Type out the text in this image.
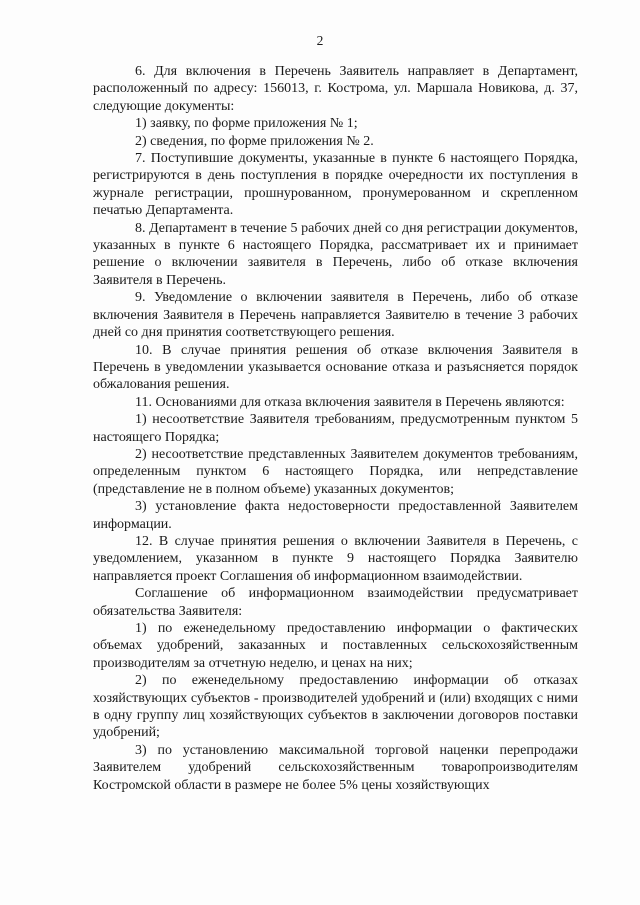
2

6. Для включения в Перечень Заявитель направляет в Департамент, расположенный по адресу: 156013, г. Кострома, ул. Маршала Новикова, д. 37, следующие документы:

1) заявку, по форме приложения № 1;

2) сведения, по форме приложения № 2.

7. Поступившие документы, указанные в пункте 6 настоящего Порядка, регистрируются в день поступления в порядке очередности их поступления в журнале регистрации, прошнурованном, пронумерованном и скрепленном печатью Департамента.

8. Департамент в течение 5 рабочих дней со дня регистрации документов, указанных в пункте 6 настоящего Порядка, рассматривает их и принимает решение о включении заявителя в Перечень, либо об отказе включения Заявителя в Перечень.

9. Уведомление о включении заявителя в Перечень, либо об отказе включения Заявителя в Перечень направляется Заявителю в течение 3 рабочих дней со дня принятия соответствующего решения.

10. В случае принятия решения об отказе включения Заявителя в Перечень в уведомлении указывается основание отказа и разъясняется порядок обжалования решения.

11. Основаниями для отказа включения заявителя в Перечень являются:

1) несоответствие Заявителя требованиям, предусмотренным пунктом 5 настоящего Порядка;

2) несоответствие представленных Заявителем документов требованиям, определенным пунктом 6 настоящего Порядка, или непредставление (представление не в полном объеме) указанных документов;

3) установление факта недостоверности предоставленной Заявителем информации.

12. В случае принятия решения о включении Заявителя в Перечень, с уведомлением, указанном в пункте 9 настоящего Порядка Заявителю направляется проект Соглашения об информационном взаимодействии.

Соглашение об информационном взаимодействии предусматривает обязательства Заявителя:

1) по еженедельному предоставлению информации о фактических объемах удобрений, заказанных и поставленных сельскохозяйственным производителям за отчетную неделю, и ценах на них;

2) по еженедельному предоставлению информации об отказах хозяйствующих субъектов - производителей удобрений и (или) входящих с ними в одну группу лиц хозяйствующих субъектов в заключении договоров поставки удобрений;

3) по установлению максимальной торговой наценки перепродажи Заявителем удобрений сельскохозяйственным товаропроизводителям Костромской области в размере не более 5% цены хозяйствующих
